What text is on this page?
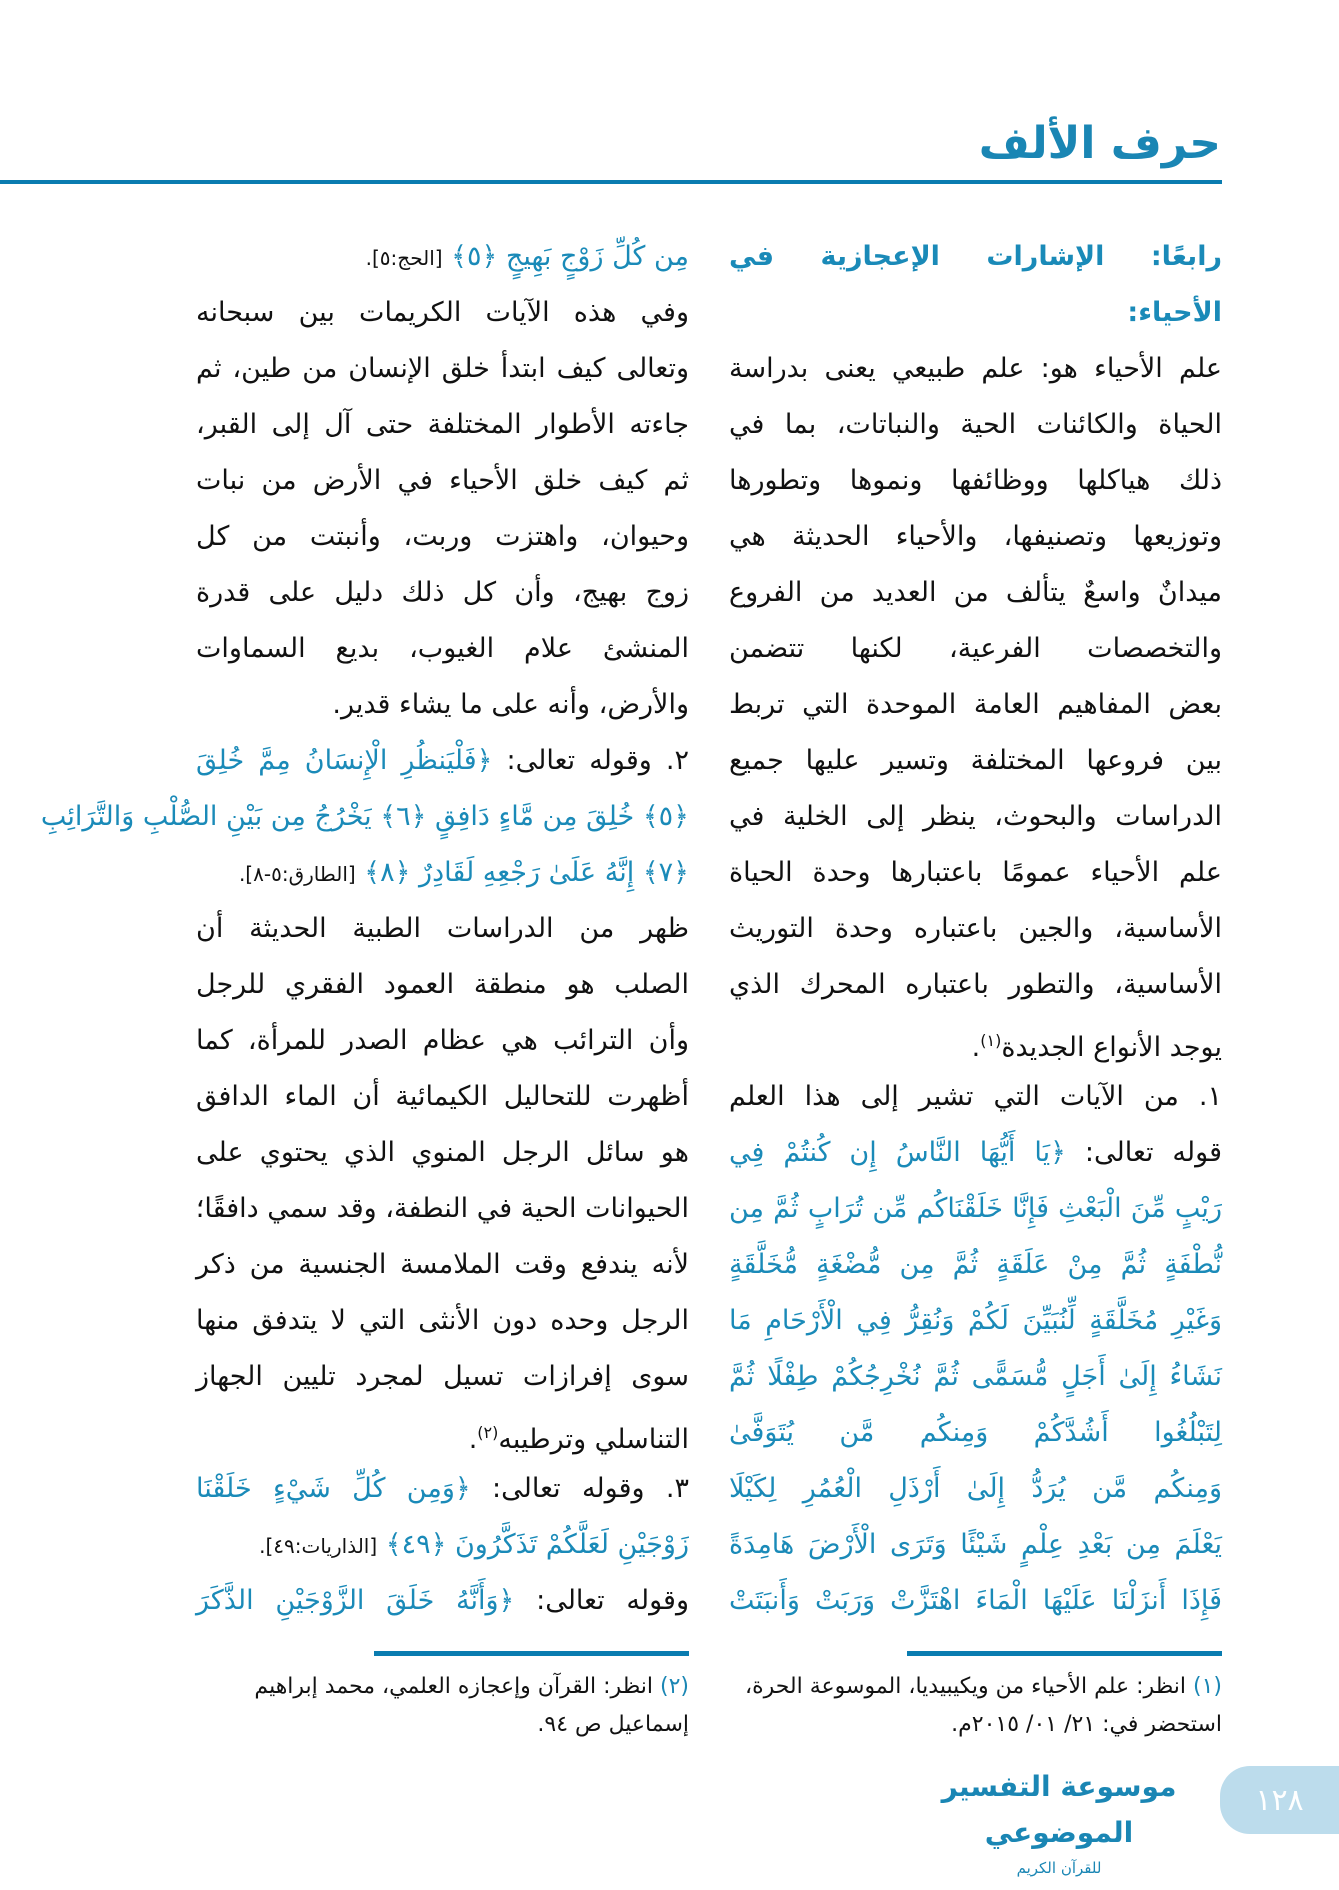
حرف الألف
رابعًا: الإشارات الإعجازية في
الأحياء:
علم الأحياء هو: علم طبيعي يعنى بدراسة
الحياة والكائنات الحية والنباتات، بما في
ذلك هياكلها ووظائفها ونموها وتطورها
وتوزيعها وتصنيفها، والأحياء الحديثة هي
ميدانٌ واسعٌ يتألف من العديد من الفروع
والتخصصات الفرعية، لكنها تتضمن
بعض المفاهيم العامة الموحدة التي تربط
بين فروعها المختلفة وتسير عليها جميع
الدراسات والبحوث، ينظر إلى الخلية في
علم الأحياء عمومًا باعتبارها وحدة الحياة
الأساسية، والجين باعتباره وحدة التوريث
الأساسية، والتطور باعتباره المحرك الذي
يوجد الأنواع الجديدة$^{(١)}$.
١. من الآيات التي تشير إلى هذا العلم
قوله تعالى: ﴿يَا أَيُّهَا النَّاسُ إِن كُنتُمْ فِي
رَيْبٍ مِّنَ الْبَعْثِ فَإِنَّا خَلَقْنَاكُم مِّن تُرَابٍ ثُمَّ مِن
نُّطْفَةٍ ثُمَّ مِنْ عَلَقَةٍ ثُمَّ مِن مُّضْغَةٍ مُّخَلَّقَةٍ
وَغَيْرِ مُخَلَّقَةٍ لِّنُبَيِّنَ لَكُمْ وَنُقِرُّ فِي الْأَرْحَامِ مَا
نَشَاءُ إِلَىٰ أَجَلٍ مُّسَمًّى ثُمَّ نُخْرِجُكُمْ طِفْلًا ثُمَّ
لِتَبْلُغُوا أَشُدَّكُمْ وَمِنكُم مَّن يُتَوَفَّىٰ
وَمِنكُم مَّن يُرَدُّ إِلَىٰ أَرْذَلِ الْعُمُرِ لِكَيْلَا
يَعْلَمَ مِن بَعْدِ عِلْمٍ شَيْئًا وَتَرَى الْأَرْضَ هَامِدَةً
فَإِذَا أَنزَلْنَا عَلَيْهَا الْمَاءَ اهْتَزَّتْ وَرَبَتْ وَأَنبَتَتْ
مِن كُلِّ زَوْجٍ بَهِيجٍ ﴿٥﴾ [الحج:٥].
وفي هذه الآيات الكريمات بين سبحانه
وتعالى كيف ابتدأ خلق الإنسان من طين، ثم
جاءته الأطوار المختلفة حتى آل إلى القبر،
ثم كيف خلق الأحياء في الأرض من نبات
وحيوان، واهتزت وربت، وأنبتت من كل
زوج بهيج، وأن كل ذلك دليل على قدرة
المنشئ علام الغيوب، بديع السماوات
والأرض، وأنه على ما يشاء قدير.
٢. وقوله تعالى: ﴿فَلْيَنظُرِ الْإِنسَانُ مِمَّ خُلِقَ
﴿٥﴾ خُلِقَ مِن مَّاءٍ دَافِقٍ ﴿٦﴾ يَخْرُجُ مِن بَيْنِ الصُّلْبِ وَالتَّرَائِبِ
﴿٧﴾ إِنَّهُ عَلَىٰ رَجْعِهِ لَقَادِرٌ ﴿٨﴾ [الطارق:٥-٨].
ظهر من الدراسات الطبية الحديثة أن
الصلب هو منطقة العمود الفقري للرجل
وأن الترائب هي عظام الصدر للمرأة، كما
أظهرت للتحاليل الكيمائية أن الماء الدافق
هو سائل الرجل المنوي الذي يحتوي على
الحيوانات الحية في النطفة، وقد سمي دافقًا؛
لأنه يندفع وقت الملامسة الجنسية من ذكر
الرجل وحده دون الأنثى التي لا يتدفق منها
سوى إفرازات تسيل لمجرد تليين الجهاز
التناسلي وترطيبه$^{(٢)}$.
٣. وقوله تعالى: ﴿وَمِن كُلِّ شَيْءٍ خَلَقْنَا
زَوْجَيْنِ لَعَلَّكُمْ تَذَكَّرُونَ ﴿٤٩﴾ [الذاريات:٤٩].
وقوله تعالى: ﴿وَأَنَّهُ خَلَقَ الزَّوْجَيْنِ الذَّكَرَ
(١) انظر: علم الأحياء من ويكيبيديا، الموسوعة الحرة، استحضر في: ٢١/ ٠١/ ٢٠١٥م.
(٢) انظر: القرآن وإعجازه العلمي، محمد إبراهيم إسماعيل ص ٩٤.
موسوعة التفسير الموضوعي
للقرآن الكريم
١٢٨
